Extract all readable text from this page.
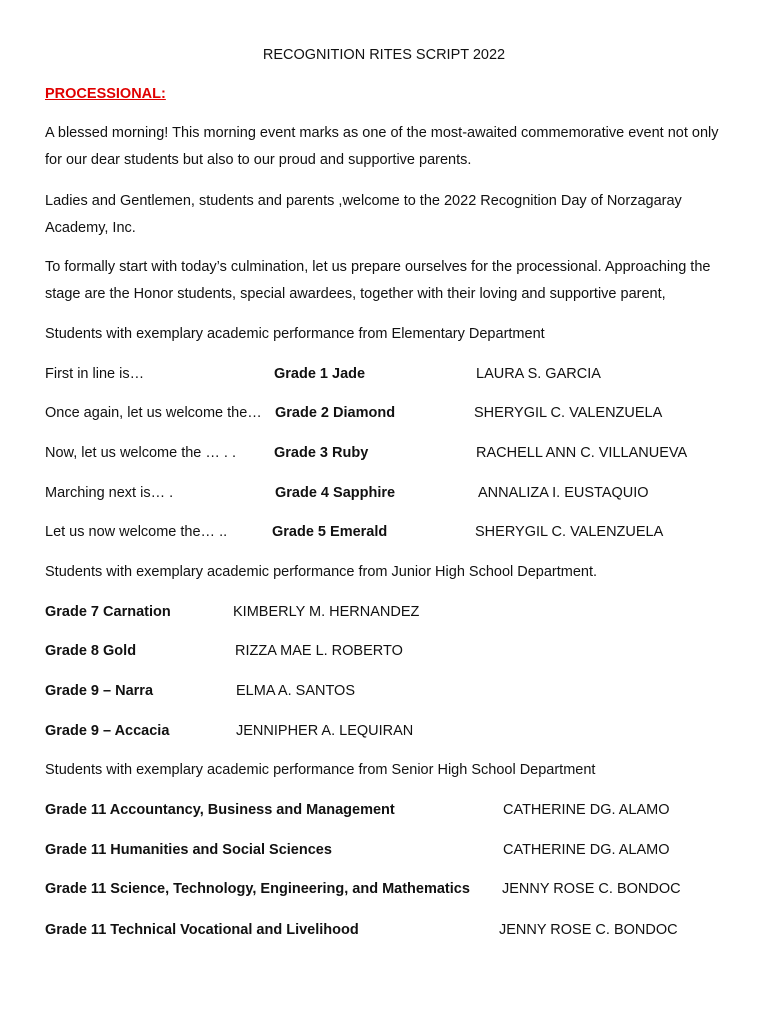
RECOGNITION RITES SCRIPT 2022
PROCESSIONAL:
A blessed morning! This morning event marks as one of the most-awaited commemorative event not only for our dear students but also to our proud and supportive parents.
Ladies and Gentlemen, students and parents ,welcome to the 2022 Recognition Day of Norzagaray Academy, Inc.
To formally start with today’s culmination, let us prepare ourselves for the processional. Approaching the stage are the Honor students, special awardees, together with their loving and supportive parent,
Students with exemplary academic performance from Elementary Department
First in line is…	Grade 1 Jade	LAURA S. GARCIA
Once again, let us welcome the… Grade 2 Diamond	SHERYGIL C. VALENZUELA
Now, let us welcome the … . .	Grade 3 Ruby	RACHELL ANN C. VILLANUEVA
Marching next is… .	Grade 4 Sapphire	ANNALIZA I. EUSTAQUIO
Let us now welcome the… ..	Grade 5 Emerald	SHERYGIL C. VALENZUELA
Students with exemplary academic performance from Junior High School Department.
Grade 7 Carnation	KIMBERLY M. HERNANDEZ
Grade 8 Gold	RIZZA MAE L. ROBERTO
Grade 9 – Narra	ELMA A. SANTOS
Grade 9 – Accacia	JENNIPHER A. LEQUIRAN
Students with exemplary academic performance from Senior High School Department
Grade 11 Accountancy, Business and Management	CATHERINE DG. ALAMO
Grade 11 Humanities and Social Sciences	CATHERINE DG. ALAMO
Grade 11 Science, Technology, Engineering, and Mathematics JENNY ROSE C. BONDOC
Grade 11 Technical Vocational and Livelihood	JENNY ROSE C. BONDOC
